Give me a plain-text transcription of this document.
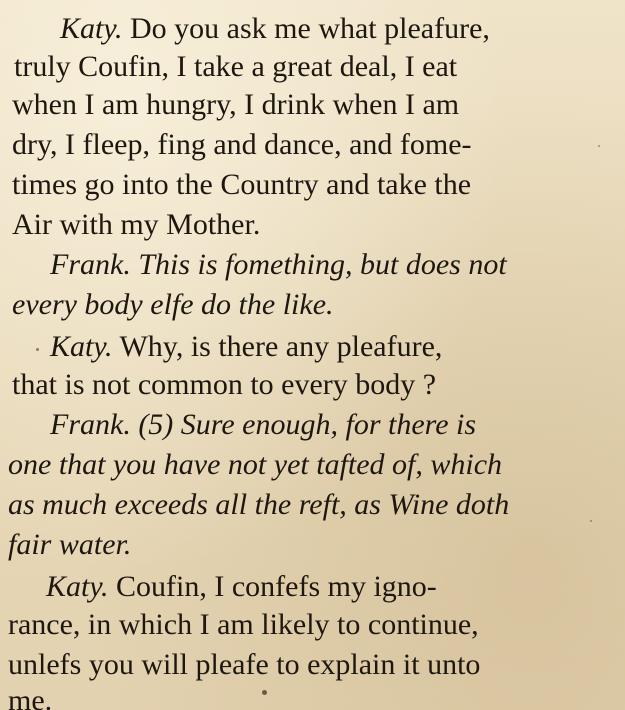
Katy. Do you ask me what pleafure,
truly Coufin, I take a great deal, I eat
when I am hungry, I drink when I am
dry, I fleep, fing and dance, and fome-
times go into the Country and take the
Air with my Mother.
Frank. This is fomething, but does not
every body elfe do the like.
Katy. Why, is there any pleafure,
that is not common to every body ?
Frank. (5) Sure enough, for there is
one that you have not yet tafted of, which
as much exceeds all the reft, as Wine doth
fair water.
Katy. Coufin, I confefs my igno-
rance, in which I am likely to continue,
unlefs you will pleafe to explain it unto
me.
